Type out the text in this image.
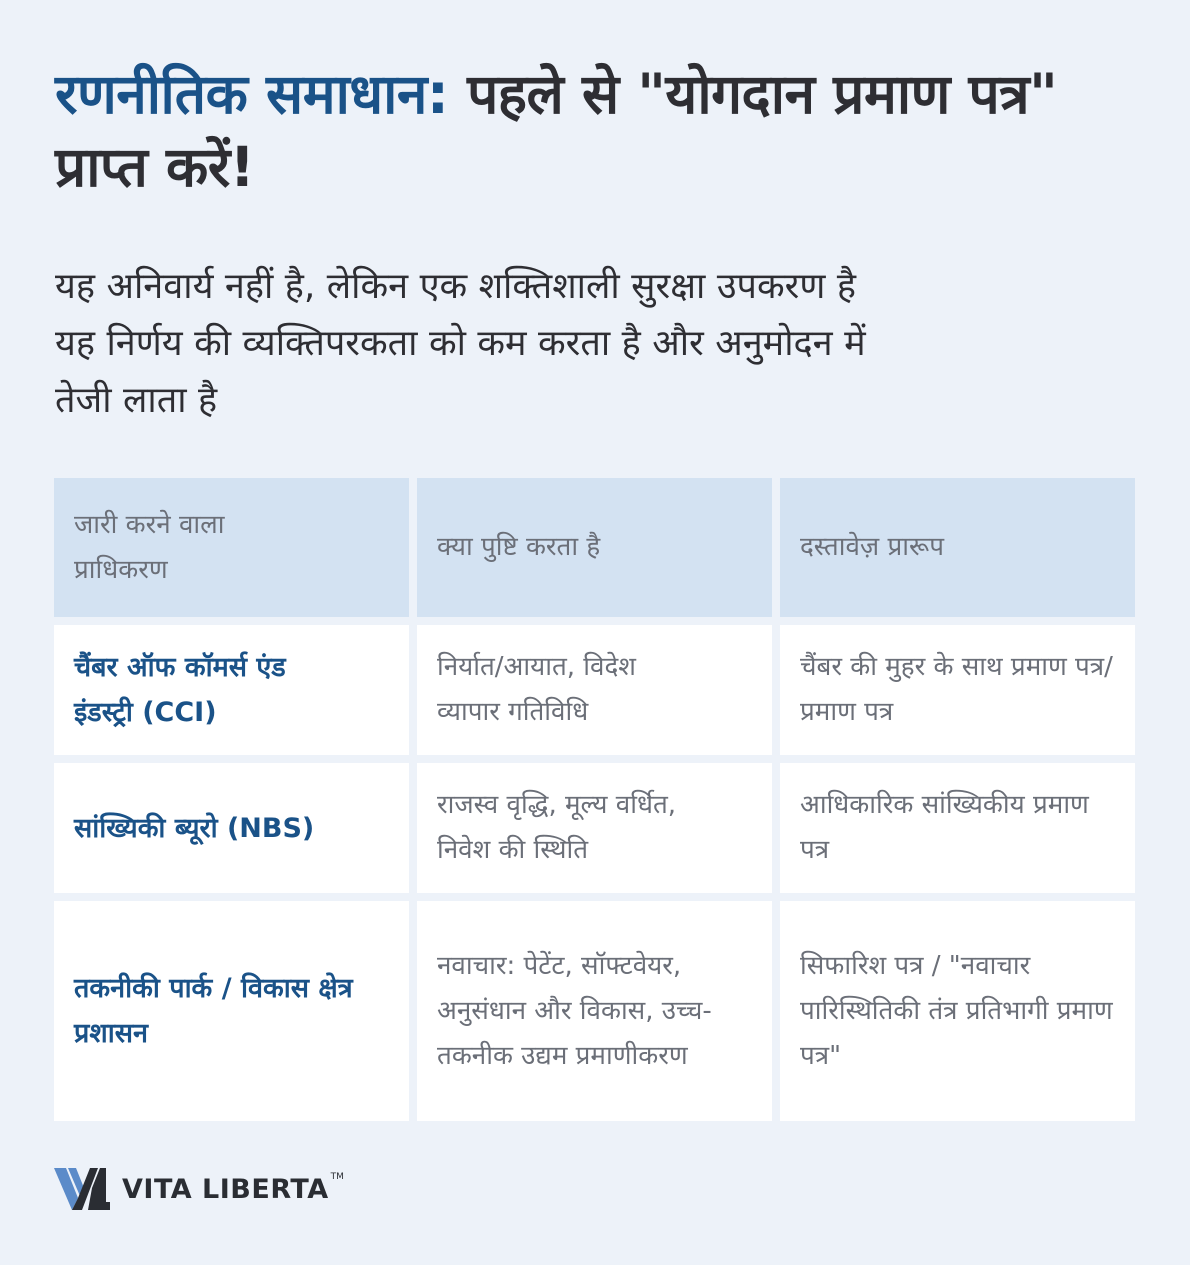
रणनीतिक समाधान: पहले से "योगदान प्रमाण पत्र" प्राप्त करें!

यह अनिवार्य नहीं है, लेकिन एक शक्तिशाली सुरक्षा उपकरण है
यह निर्णय की व्यक्तिपरकता को कम करता है और अनुमोदन में
तेजी लाता है

जारी करने वाला प्राधिकरण
क्या पुष्टि करता है	दस्तावेज़ प्रारूप
चैंबर ऑफ कॉमर्स एंड इंडस्ट्री (CCI)
निर्यात/आयात, विदेश व्यापार गतिविधि
चैंबर की मुहर के साथ प्रमाण पत्र/प्रमाण पत्र
सांख्यिकी ब्यूरो (NBS)
राजस्व वृद्धि, मूल्य वर्धित, निवेश की स्थिति
आधिकारिक सांख्यिकीय प्रमाण पत्र
तकनीकी पार्क / विकास क्षेत्र प्रशासन
नवाचार: पेटेंट, सॉफ्टवेयर, अनुसंधान और विकास, उच्च-तकनीक उद्यम प्रमाणीकरण
सिफारिश पत्र / "नवाचार पारिस्थितिकी तंत्र प्रतिभागी प्रमाण पत्र"
VITA LIBERTA TM
